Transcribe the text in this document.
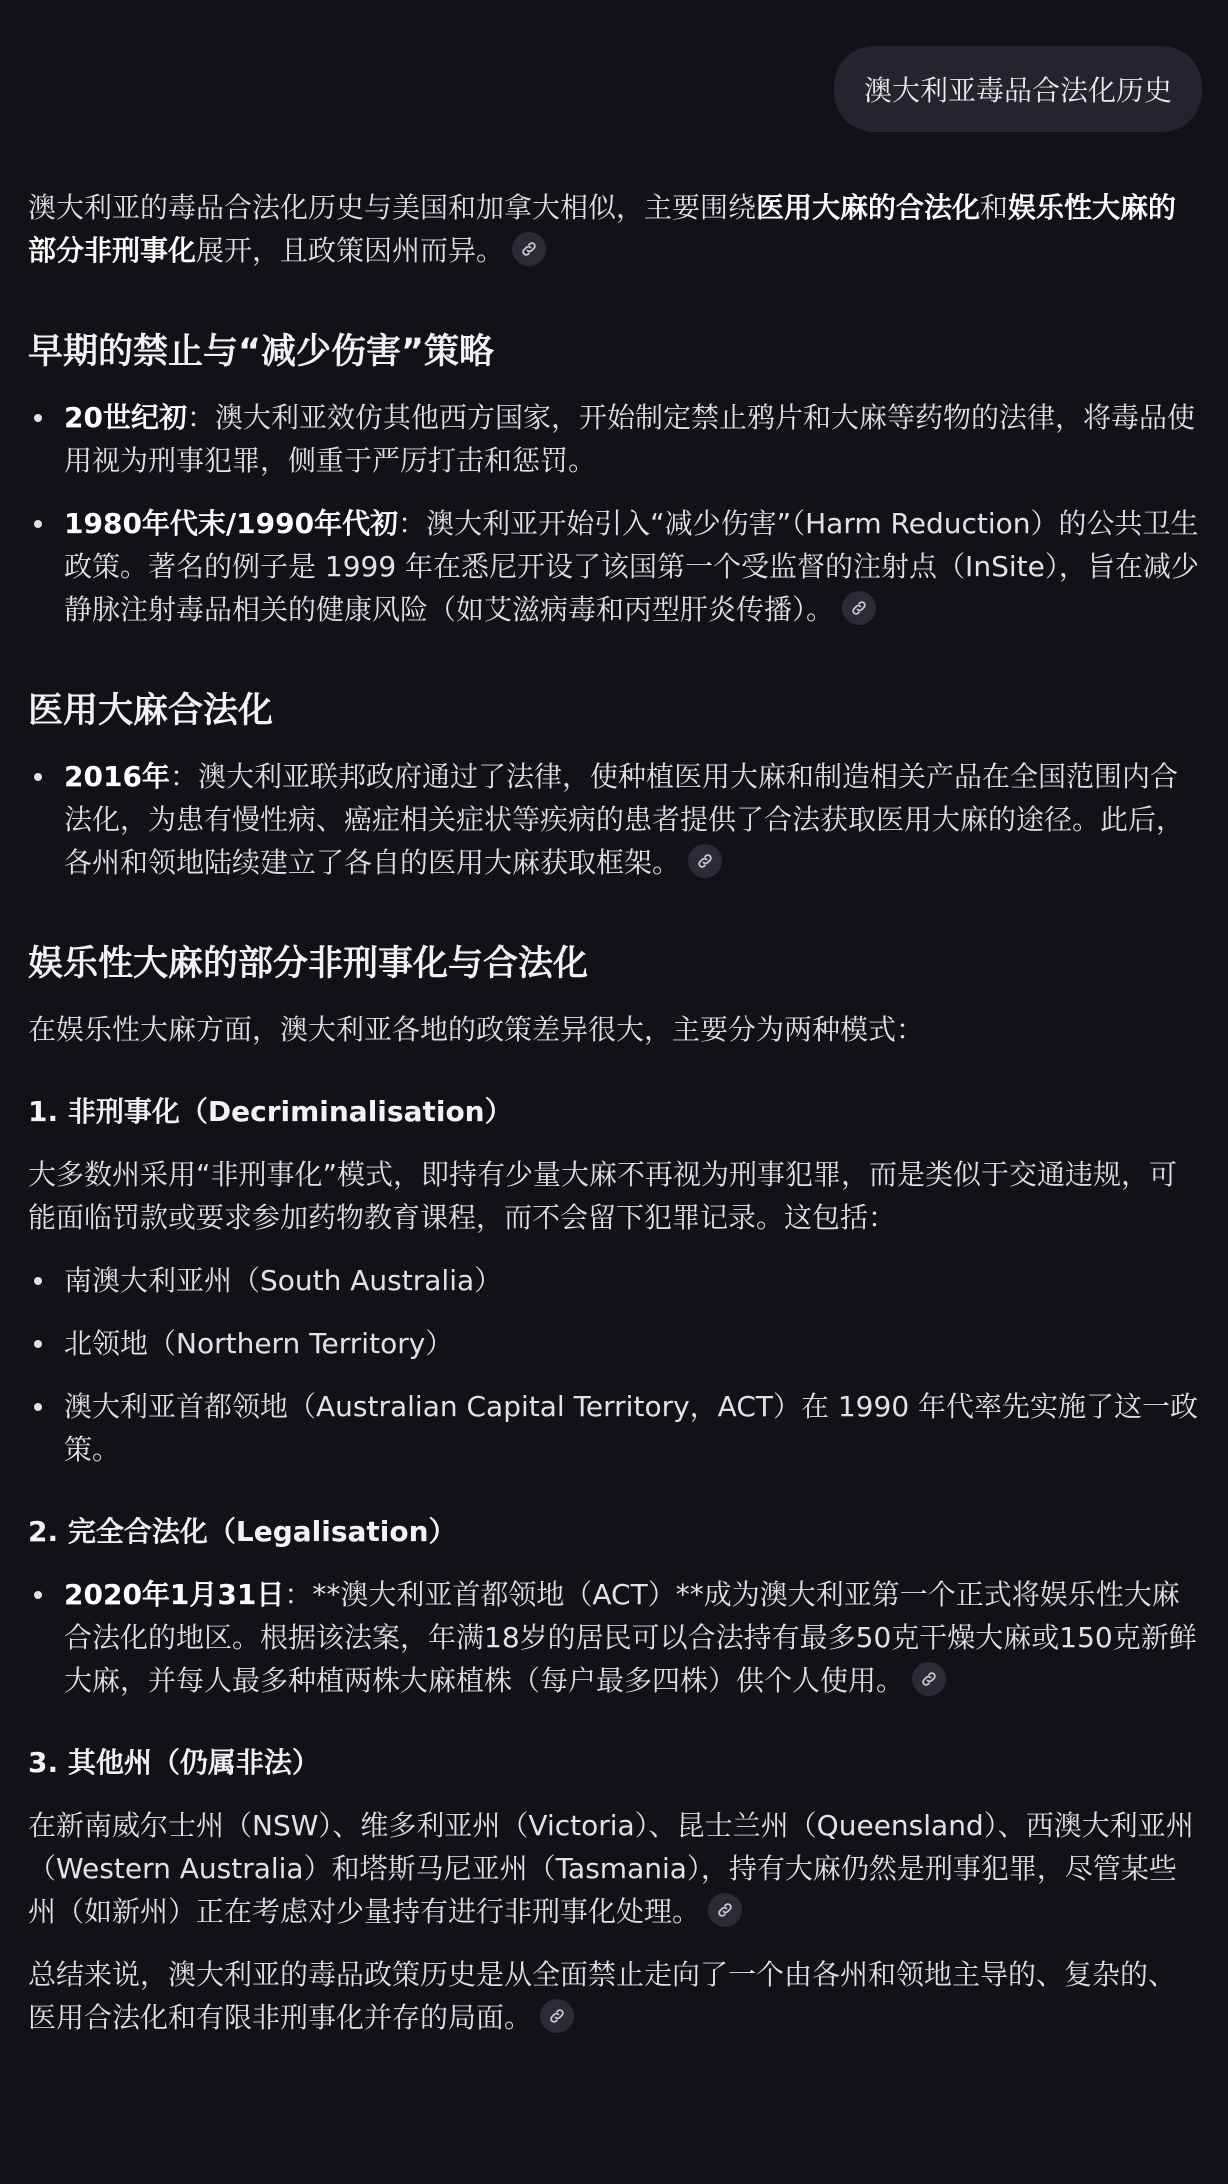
澳大利亚毒品合法化历史

澳大利亚的毒品合法化历史与美国和加拿大相似，主要围绕医用大麻的合法化和娱乐性大麻的部分非刑事化展开，且政策因州而异。

早期的禁止与“减少伤害”策略
20世纪初：澳大利亚效仿其他西方国家，开始制定禁止鸦片和大麻等药物的法律，将毒品使用视为刑事犯罪，侧重于严厉打击和惩罚。
1980年代末/1990年代初：澳大利亚开始引入“减少伤害”（Harm Reduction）的公共卫生政策。著名的例子是 1999 年在悉尼开设了该国第一个受监督的注射点（InSite），旨在减少静脉注射毒品相关的健康风险（如艾滋病毒和丙型肝炎传播）。
医用大麻合法化
2016年：澳大利亚联邦政府通过了法律，使种植医用大麻和制造相关产品在全国范围内合法化，为患有慢性病、癌症相关症状等疾病的患者提供了合法获取医用大麻的途径。此后，各州和领地陆续建立了各自的医用大麻获取框架。
娱乐性大麻的部分非刑事化与合法化

在娱乐性大麻方面，澳大利亚各地的政策差异很大，主要分为两种模式：

1. 非刑事化（Decriminalisation）

大多数州采用“非刑事化”模式，即持有少量大麻不再视为刑事犯罪，而是类似于交通违规，可能面临罚款或要求参加药物教育课程，而不会留下犯罪记录。这包括：

南澳大利亚州（South Australia）
北领地（Northern Territory）
澳大利亚首都领地（Australian Capital Territory，ACT）在 1990 年代率先实施了这一政策。
2. 完全合法化（Legalisation）
2020年1月31日：**澳大利亚首都领地（ACT）**成为澳大利亚第一个正式将娱乐性大麻合法化的地区。根据该法案，年满18岁的居民可以合法持有最多50克干燥大麻或150克新鲜大麻，并每人最多种植两株大麻植株（每户最多四株）供个人使用。
3. 其他州（仍属非法）

在新南威尔士州（NSW）、维多利亚州（Victoria）、昆士兰州（Queensland）、西澳大利亚州（Western Australia）和塔斯马尼亚州（Tasmania），持有大麻仍然是刑事犯罪，尽管某些州（如新州）正在考虑对少量持有进行非刑事化处理。

总结来说，澳大利亚的毒品政策历史是从全面禁止走向了一个由各州和领地主导的、复杂的、医用合法化和有限非刑事化并存的局面。
